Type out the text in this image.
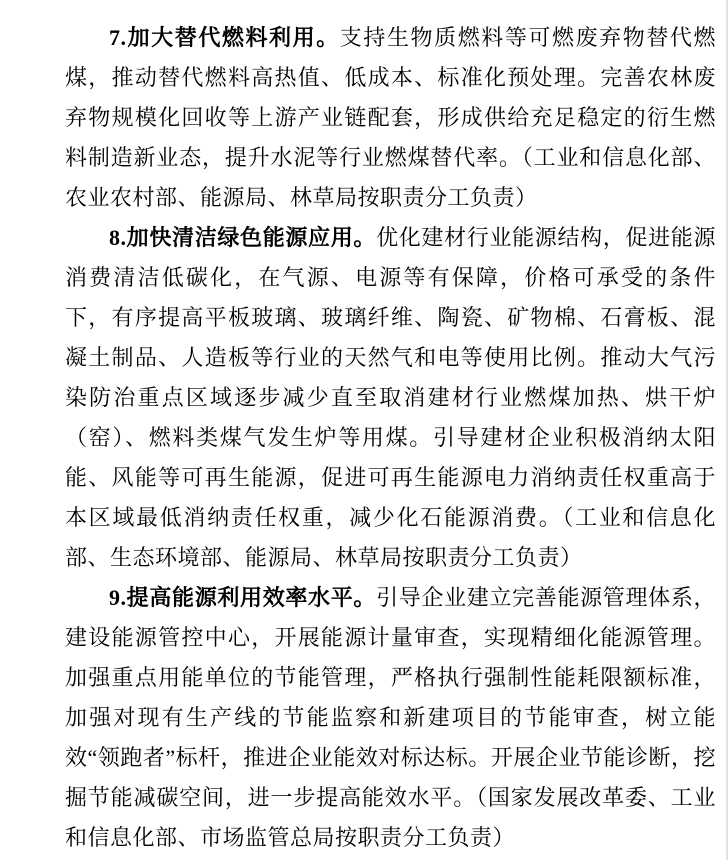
7.加大替代燃料利用。支持生物质燃料等可燃废弃物替代燃煤，推动替代燃料高热值、低成本、标准化预处理。完善农林废弃物规模化回收等上游产业链配套，形成供给充足稳定的衍生燃料制造新业态，提升水泥等行业燃煤替代率。（工业和信息化部、农业农村部、能源局、林草局按职责分工负责）

8.加快清洁绿色能源应用。优化建材行业能源结构，促进能源消费清洁低碳化，在气源、电源等有保障，价格可承受的条件下，有序提高平板玻璃、玻璃纤维、陶瓷、矿物棉、石膏板、混凝土制品、人造板等行业的天然气和电等使用比例。推动大气污染防治重点区域逐步减少直至取消建材行业燃煤加热、烘干炉（窑）、燃料类煤气发生炉等用煤。引导建材企业积极消纳太阳能、风能等可再生能源，促进可再生能源电力消纳责任权重高于本区域最低消纳责任权重，减少化石能源消费。（工业和信息化部、生态环境部、能源局、林草局按职责分工负责）

9.提高能源利用效率水平。引导企业建立完善能源管理体系，建设能源管控中心，开展能源计量审查，实现精细化能源管理。加强重点用能单位的节能管理，严格执行强制性能耗限额标准，加强对现有生产线的节能监察和新建项目的节能审查，树立能效“领跑者”标杆，推进企业能效对标达标。开展企业节能诊断，挖掘节能减碳空间，进一步提高能效水平。（国家发展改革委、工业和信息化部、市场监管总局按职责分工负责）
